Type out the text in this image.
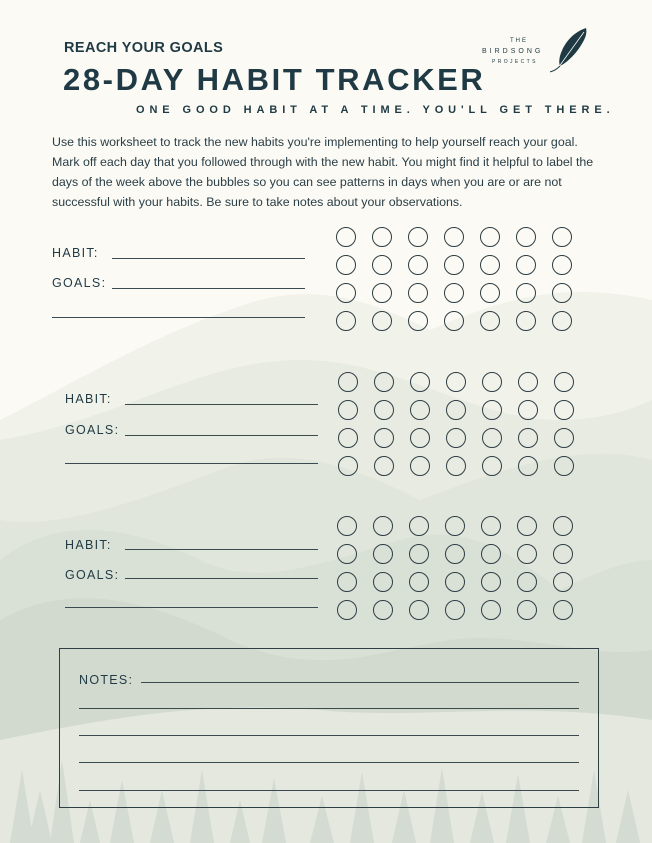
REACH YOUR GOALS
28-DAY HABIT TRACKER
ONE GOOD HABIT AT A TIME. YOU'LL GET THERE.
THE
BIRDSONG
PROJECTS
Use this worksheet to track the new habits you're implementing to help yourself reach your goal. Mark off each day that you followed through with the new habit. You might find it helpful to label the days of the week above the bubbles so you can see patterns in days when you are or are not successful with your habits. Be sure to take notes about your observations.
HABIT:
GOALS:
HABIT:
GOALS:
HABIT:
GOALS:
NOTES:
